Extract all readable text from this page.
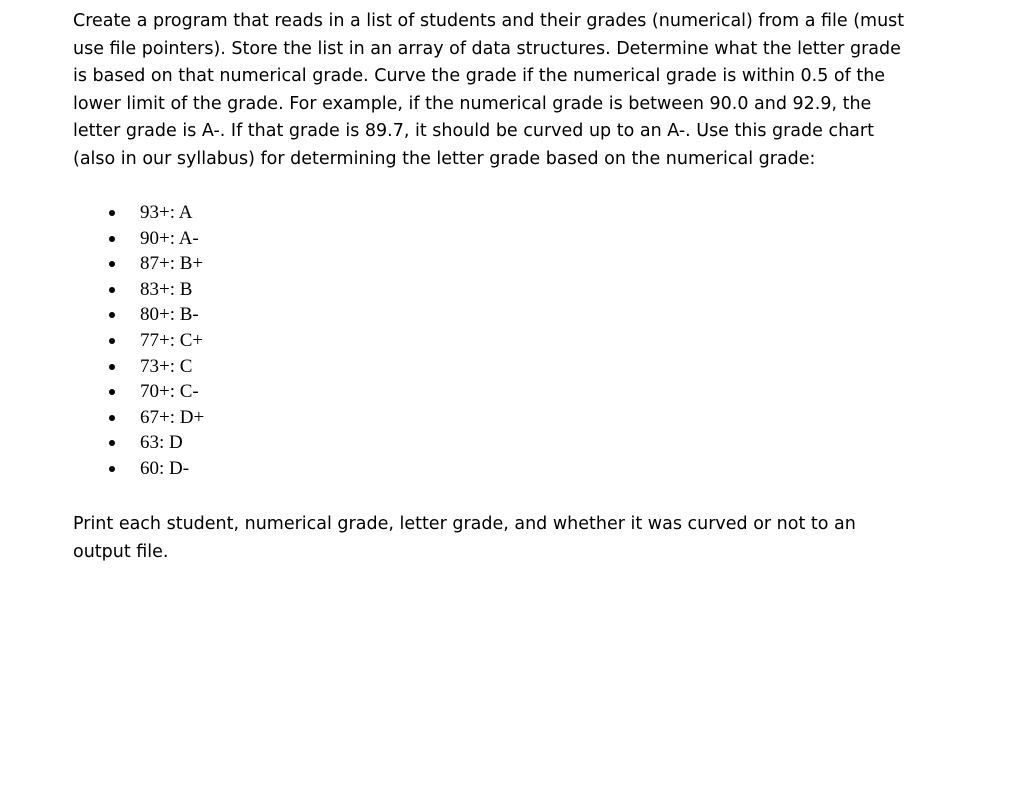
Create a program that reads in a list of students and their grades (numerical) from a file (must
use file pointers). Store the list in an array of data structures. Determine what the letter grade
is based on that numerical grade. Curve the grade if the numerical grade is within 0.5 of the
lower limit of the grade. For example, if the numerical grade is between 90.0 and 92.9, the
letter grade is A-. If that grade is 89.7, it should be curved up to an A-. Use this grade chart
(also in our syllabus) for determining the letter grade based on the numerical grade:

93+: A
90+: A-
87+: B+
83+: B
80+: B-
77+: C+
73+: C
70+: C-
67+: D+
63: D
60: D-

Print each student, numerical grade, letter grade, and whether it was curved or not to an
output file.
